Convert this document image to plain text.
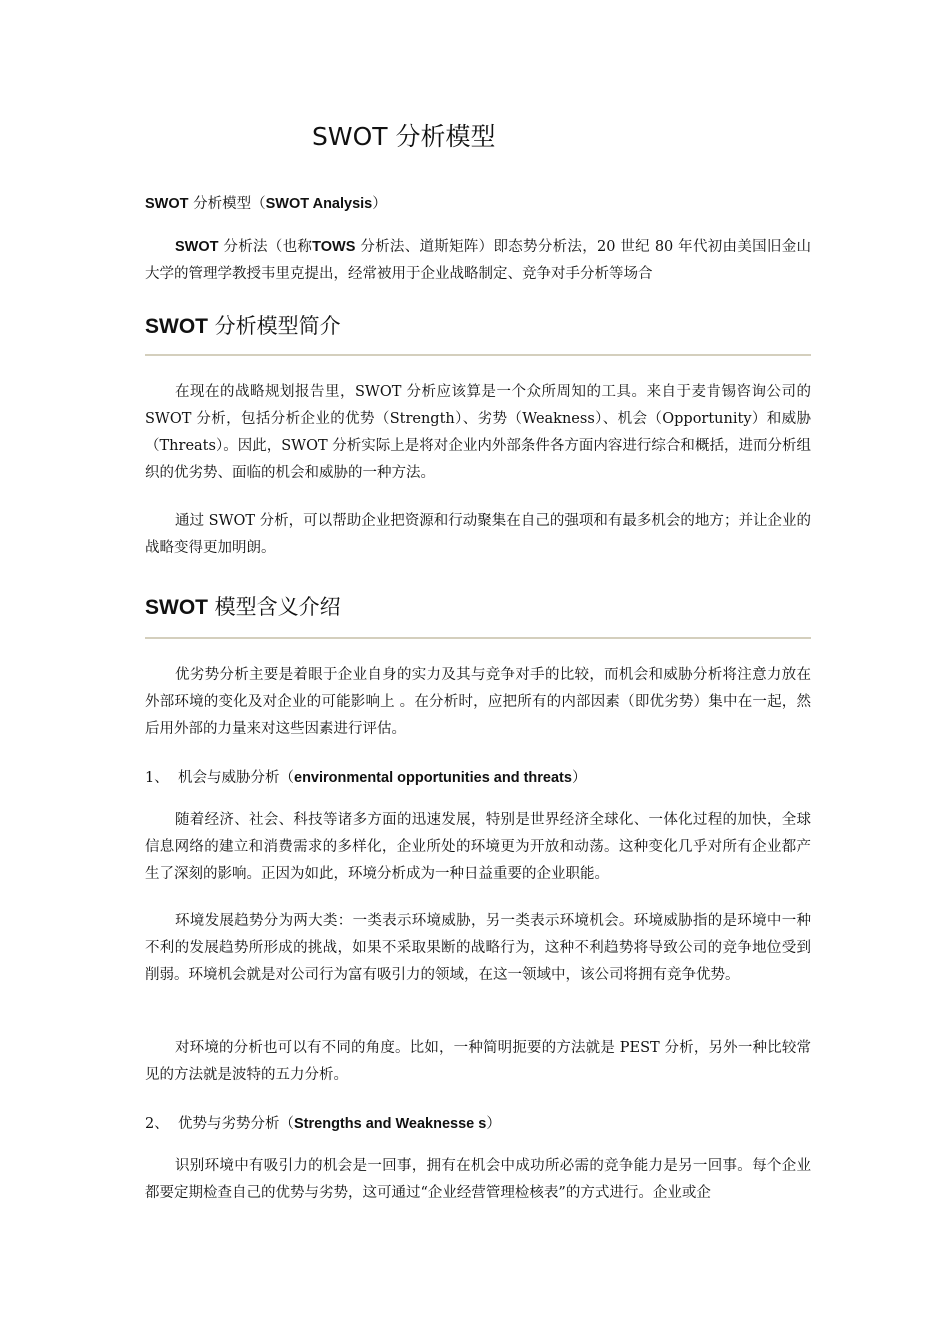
SWOT 分析模型

SWOT 分析模型（SWOT Analysis）

SWOT 分析法（也称TOWS 分析法、道斯矩阵）即态势分析法，20 世纪 80 年代初由美国旧金山大学的管理学教授韦里克提出，经常被用于企业战略制定、竞争对手分析等场合

SWOT 分析模型简介

在现在的战略规划报告里，SWOT 分析应该算是一个众所周知的工具。来自于麦肯锡咨询公司的 SWOT 分析，包括分析企业的优势（Strength）、劣势（Weakness）、机会（Opportunity）和威胁（Threats）。因此，SWOT 分析实际上是将对企业内外部条件各方面内容进行综合和概括，进而分析组织的优劣势、面临的机会和威胁的一种方法。

通过 SWOT 分析，可以帮助企业把资源和行动聚集在自己的强项和有最多机会的地方；并让企业的战略变得更加明朗。

SWOT 模型含义介绍

优劣势分析主要是着眼于企业自身的实力及其与竞争对手的比较，而机会和威胁分析将注意力放在外部环境的变化及对企业的可能影响上 。在分析时，应把所有的内部因素（即优劣势）集中在一起，然后用外部的力量来对这些因素进行评估。

1、 机会与威胁分析（environmental opportunities and threats）

随着经济、社会、科技等诸多方面的迅速发展，特别是世界经济全球化、一体化过程的加快，全球信息网络的建立和消费需求的多样化，企业所处的环境更为开放和动荡。这种变化几乎对所有企业都产生了深刻的影响。正因为如此，环境分析成为一种日益重要的企业职能。

环境发展趋势分为两大类：一类表示环境威胁，另一类表示环境机会。环境威胁指的是环境中一种不利的发展趋势所形成的挑战，如果不采取果断的战略行为，这种不利趋势将导致公司的竞争地位受到削弱。环境机会就是对公司行为富有吸引力的领域，在这一领域中，该公司将拥有竞争优势。

对环境的分析也可以有不同的角度。比如，一种简明扼要的方法就是 PEST 分析，另外一种比较常见的方法就是波特的五力分析。

2、 优势与劣势分析（Strengths and Weaknesse s）

识别环境中有吸引力的机会是一回事，拥有在机会中成功所必需的竞争能力是另一回事。每个企业都要定期检查自己的优势与劣势，这可通过“企业经营管理检核表”的方式进行。企业或企
